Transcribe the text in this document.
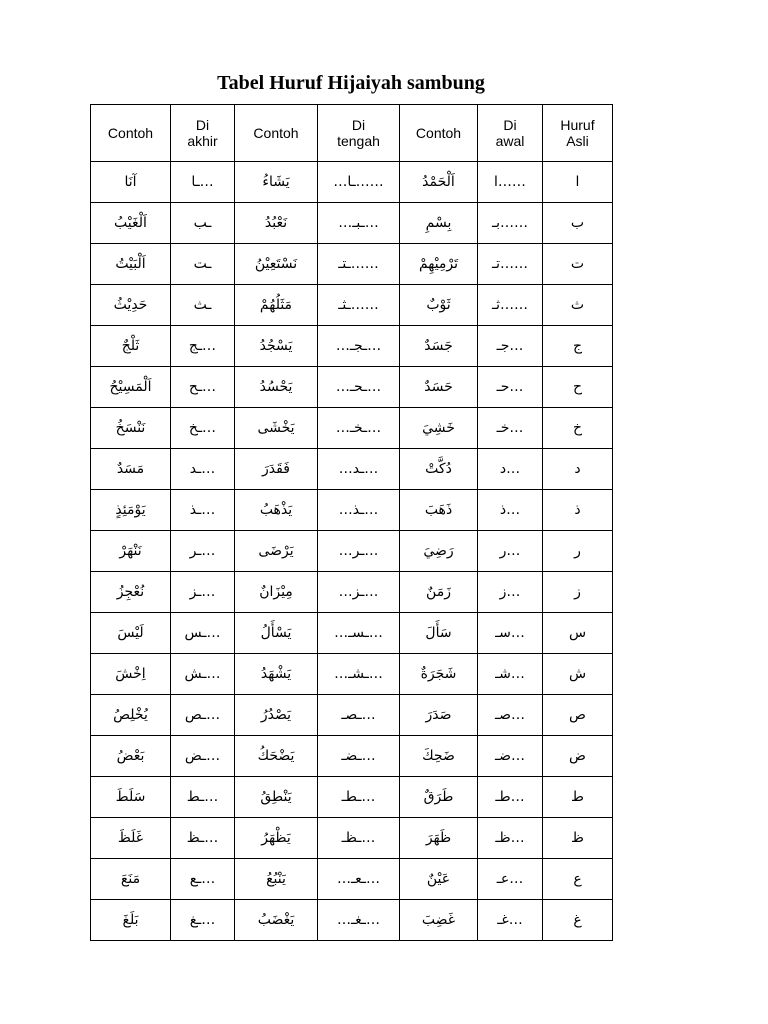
Tabel Huruf Hijaiyah sambung
Contoh	Di akhir	Contoh	Di tengah	Contoh	Di awal	Huruf Asli
آنَا	…ـا	يَشَاءُ	……ـا…	اَلْحَمْدُ	……ا	ا
اَلْغَيْبُ	ـب	نَعْبُدُ	…ـبـ…	بِسْمِ	……بـ	ب
اَلْبَيْتُ	ـت	نَسْتَعِيْنُ	……ـتـ	تَرْمِيْهِمْ	……تـ	ت
حَدِيْثُ	ـث	مَثَلُهُمْ	……ـثـ	ثَوْبٌ	……ثـ	ث
ثَلْجٌ	…ـج	يَسْجُدُ	…ـجـ…	جَسَدٌ	…جـ	ج
اَلْمَسِيْحُ	…ـح	يَحْسُدُ	…ـحـ…	حَسَدٌ	…حـ	ح
نَنْسَخُ	…ـخ	يَخْشَى	…ـخـ…	خَشِيَ	…خـ	خ
مَسَدٌ	…ـد	فَقَدَرَ	…ـد…	دُكَّتْ	…د	د
يَوْمَئِذٍ	…ـذ	يَذْهَبُ	…ـذ…	ذَهَبَ	…ذ	ذ
نَنْهَرْ	…ـر	يَرْضَى	…ـر…	رَضِيَ	…ر	ر
نُعْجِزُ	…ـز	مِيْزَانٌ	…ـز…	زَمَنٌ	…ز	ز
لَيْسَ	…ـس	يَسْأَلُ	…ـسـ…	سَأَلَ	…سـ	س
اِخْشَ	…ـش	يَشْهَدُ	…ـشـ…	شَجَرَةٌ	…شـ	ش
يُخْلِصُ	…ـص	يَصْدُرُ	…ـصـ	صَدَرَ	…صـ	ص
بَعْضُ	…ـض	يَضْحَكُ	…ـضـ	ضَحِكَ	…ضـ	ض
سَلَطَ	…ـط	يَنْطِقُ	…ـطـ	طَرَقٌ	…طـ	ط
غَلَظَ	…ـظ	يَظْهَرُ	…ـظـ	ظَهَرَ	…ظـ	ظ
مَنَعَ	…ـع	يَنْبُعُ	…ـعـ…	عَيْنٌ	…عـ	ع
بَلَغَ	…ـغ	يَغْضَبُ	…ـغـ…	غَضِبَ	…غـ	غ
